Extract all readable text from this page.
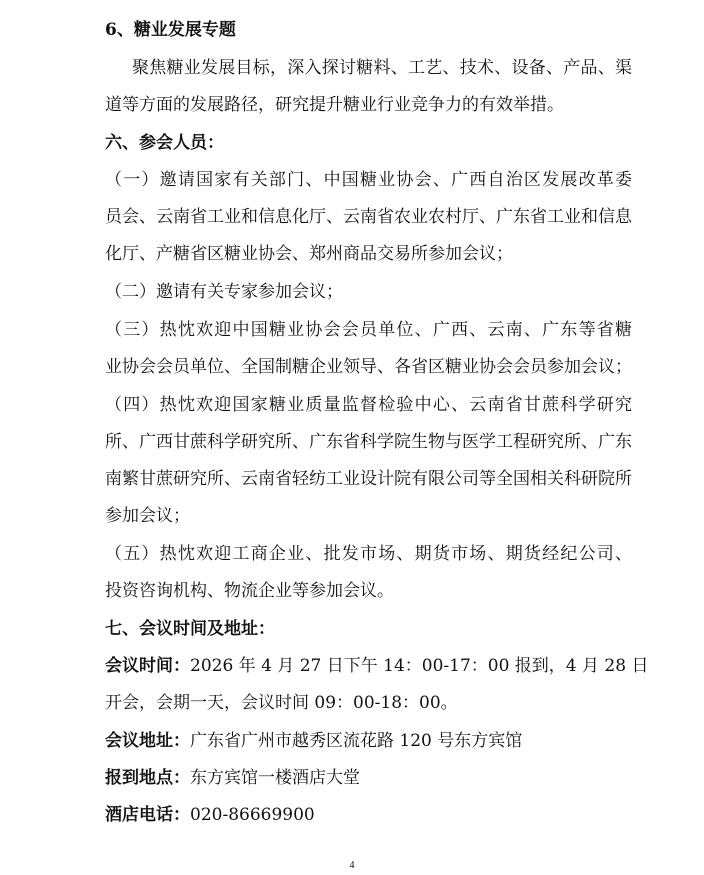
6、糖业发展专题
聚焦糖业发展目标，深入探讨糖料、工艺、技术、设备、产品、渠
道等方面的发展路径，研究提升糖业行业竞争力的有效举措。
六、参会人员：
（一）邀请国家有关部门、中国糖业协会、广西自治区发展改革委
员会、云南省工业和信息化厅、云南省农业农村厅、广东省工业和信息
化厅、产糖省区糖业协会、郑州商品交易所参加会议；
（二）邀请有关专家参加会议；
（三）热忱欢迎中国糖业协会会员单位、广西、云南、广东等省糖
业协会会员单位、全国制糖企业领导、各省区糖业协会会员参加会议；
（四）热忱欢迎国家糖业质量监督检验中心、云南省甘蔗科学研究
所、广西甘蔗科学研究所、广东省科学院生物与医学工程研究所、广东
南繁甘蔗研究所、云南省轻纺工业设计院有限公司等全国相关科研院所
参加会议；
（五）热忱欢迎工商企业、批发市场、期货市场、期货经纪公司、
投资咨询机构、物流企业等参加会议。
七、会议时间及地址：
会议时间：2026 年 4 月 27 日下午 14：00-17：00 报到，4 月 28 日
开会，会期一天，会议时间 09：00-18：00。
会议地址：广东省广州市越秀区流花路 120 号东方宾馆
报到地点：东方宾馆一楼酒店大堂
酒店电话：020-86669900
4
